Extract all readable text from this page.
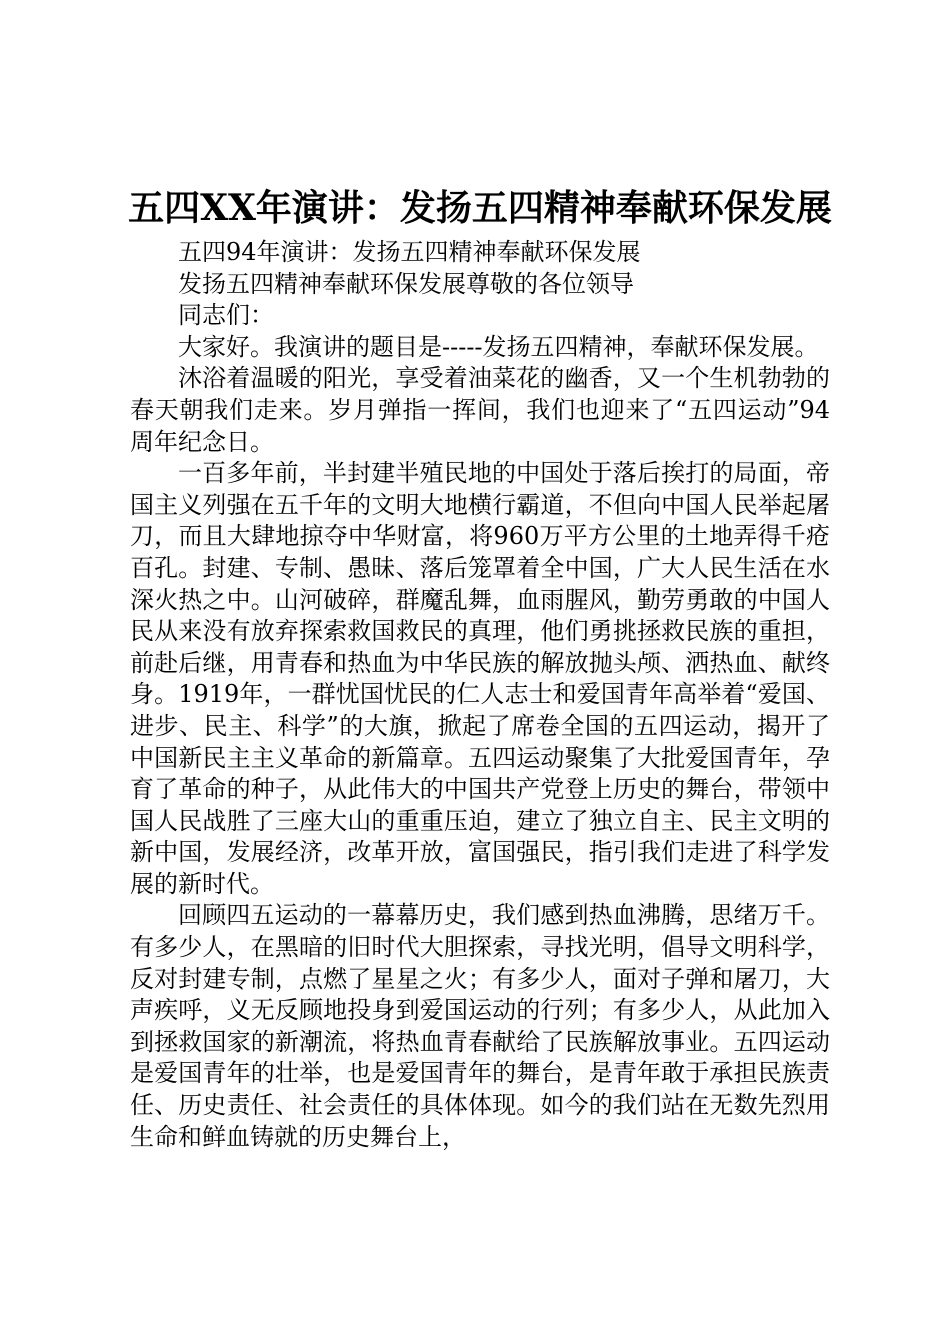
五四XX年演讲：发扬五四精神奉献环保发展

五四94年演讲：发扬五四精神奉献环保发展

发扬五四精神奉献环保发展尊敬的各位领导

同志们：

大家好。我演讲的题目是-----发扬五四精神，奉献环保发展。

沐浴着温暖的阳光，享受着油菜花的幽香，又一个生机勃勃的春天朝我们走来。岁月弹指一挥间，我们也迎来了“五四运动”94周年纪念日。

一百多年前，半封建半殖民地的中国处于落后挨打的局面，帝国主义列强在五千年的文明大地横行霸道，不但向中国人民举起屠刀，而且大肆地掠夺中华财富，将960万平方公里的土地弄得千疮百孔。封建、专制、愚昧、落后笼罩着全中国，广大人民生活在水深火热之中。山河破碎，群魔乱舞，血雨腥风，勤劳勇敢的中国人民从来没有放弃探索救国救民的真理，他们勇挑拯救民族的重担，前赴后继，用青春和热血为中华民族的解放抛头颅、洒热血、献终身。1919年，一群忧国忧民的仁人志士和爱国青年高举着“爱国、进步、民主、科学”的大旗，掀起了席卷全国的五四运动，揭开了中国新民主主义革命的新篇章。五四运动聚集了大批爱国青年，孕育了革命的种子，从此伟大的中国共产党登上历史的舞台，带领中国人民战胜了三座大山的重重压迫，建立了独立自主、民主文明的新中国，发展经济，改革开放，富国强民，指引我们走进了科学发展的新时代。

回顾四五运动的一幕幕历史，我们感到热血沸腾，思绪万千。有多少人，在黑暗的旧时代大胆探索，寻找光明，倡导文明科学，反对封建专制，点燃了星星之火；有多少人，面对子弹和屠刀，大声疾呼，义无反顾地投身到爱国运动的行列；有多少人，从此加入到拯救国家的新潮流，将热血青春献给了民族解放事业。五四运动是爱国青年的壮举，也是爱国青年的舞台，是青年敢于承担民族责任、历史责任、社会责任的具体体现。如今的我们站在无数先烈用生命和鲜血铸就的历史舞台上，
